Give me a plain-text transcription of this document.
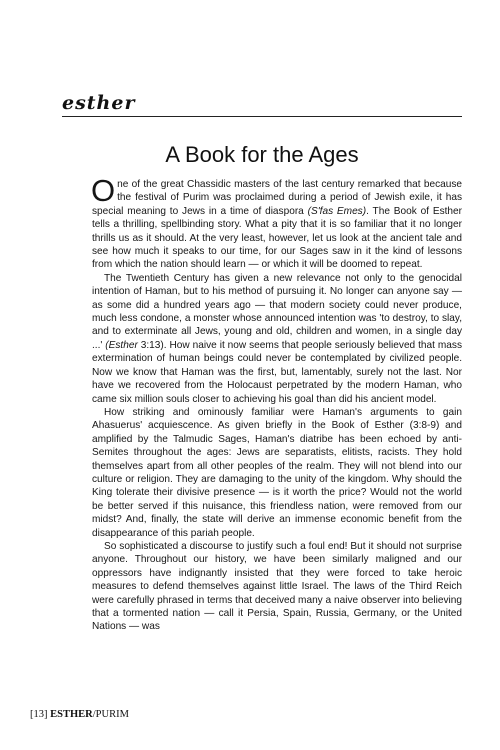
esther
A Book for the Ages

One of the great Chassidic masters of the last century remarked that because the festival of Purim was proclaimed during a period of Jewish exile, it has special meaning to Jews in a time of diaspora (S'fas Emes). The Book of Esther tells a thrilling, spellbinding story. What a pity that it is so familiar that it no longer thrills us as it should. At the very least, however, let us look at the ancient tale and see how much it speaks to our time, for our Sages saw in it the kind of lessons from which the nation should learn — or which it will be doomed to repeat.

The Twentieth Century has given a new relevance not only to the genocidal intention of Haman, but to his method of pursuing it. No longer can anyone say — as some did a hundred years ago — that modern society could never produce, much less condone, a monster whose announced intention was 'to destroy, to slay, and to exterminate all Jews, young and old, children and women, in a single day ...' (Esther 3:13). How naive it now seems that people seriously believed that mass extermination of human beings could never be contemplated by civilized people. Now we know that Haman was the first, but, lamentably, surely not the last. Nor have we recovered from the Holocaust perpetrated by the modern Haman, who came six million souls closer to achieving his goal than did his ancient model.

How striking and ominously familiar were Haman's arguments to gain Ahasuerus' acquiescence. As given briefly in the Book of Esther (3:8-9) and amplified by the Talmudic Sages, Haman's diatribe has been echoed by anti-Semites throughout the ages: Jews are separatists, elitists, racists. They hold themselves apart from all other peoples of the realm. They will not blend into our culture or religion. They are damaging to the unity of the kingdom. Why should the King tolerate their divisive presence — is it worth the price? Would not the world be better served if this nuisance, this friendless nation, were removed from our midst? And, finally, the state will derive an immense economic benefit from the disappearance of this pariah people.

So sophisticated a discourse to justify such a foul end! But it should not surprise anyone. Throughout our history, we have been similarly maligned and our oppressors have indignantly insisted that they were forced to take heroic measures to defend themselves against little Israel. The laws of the Third Reich were carefully phrased in terms that deceived many a naive observer into believing that a tormented nation — call it Persia, Spain, Russia, Germany, or the United Nations — was

[13] ESTHER/PURIM
